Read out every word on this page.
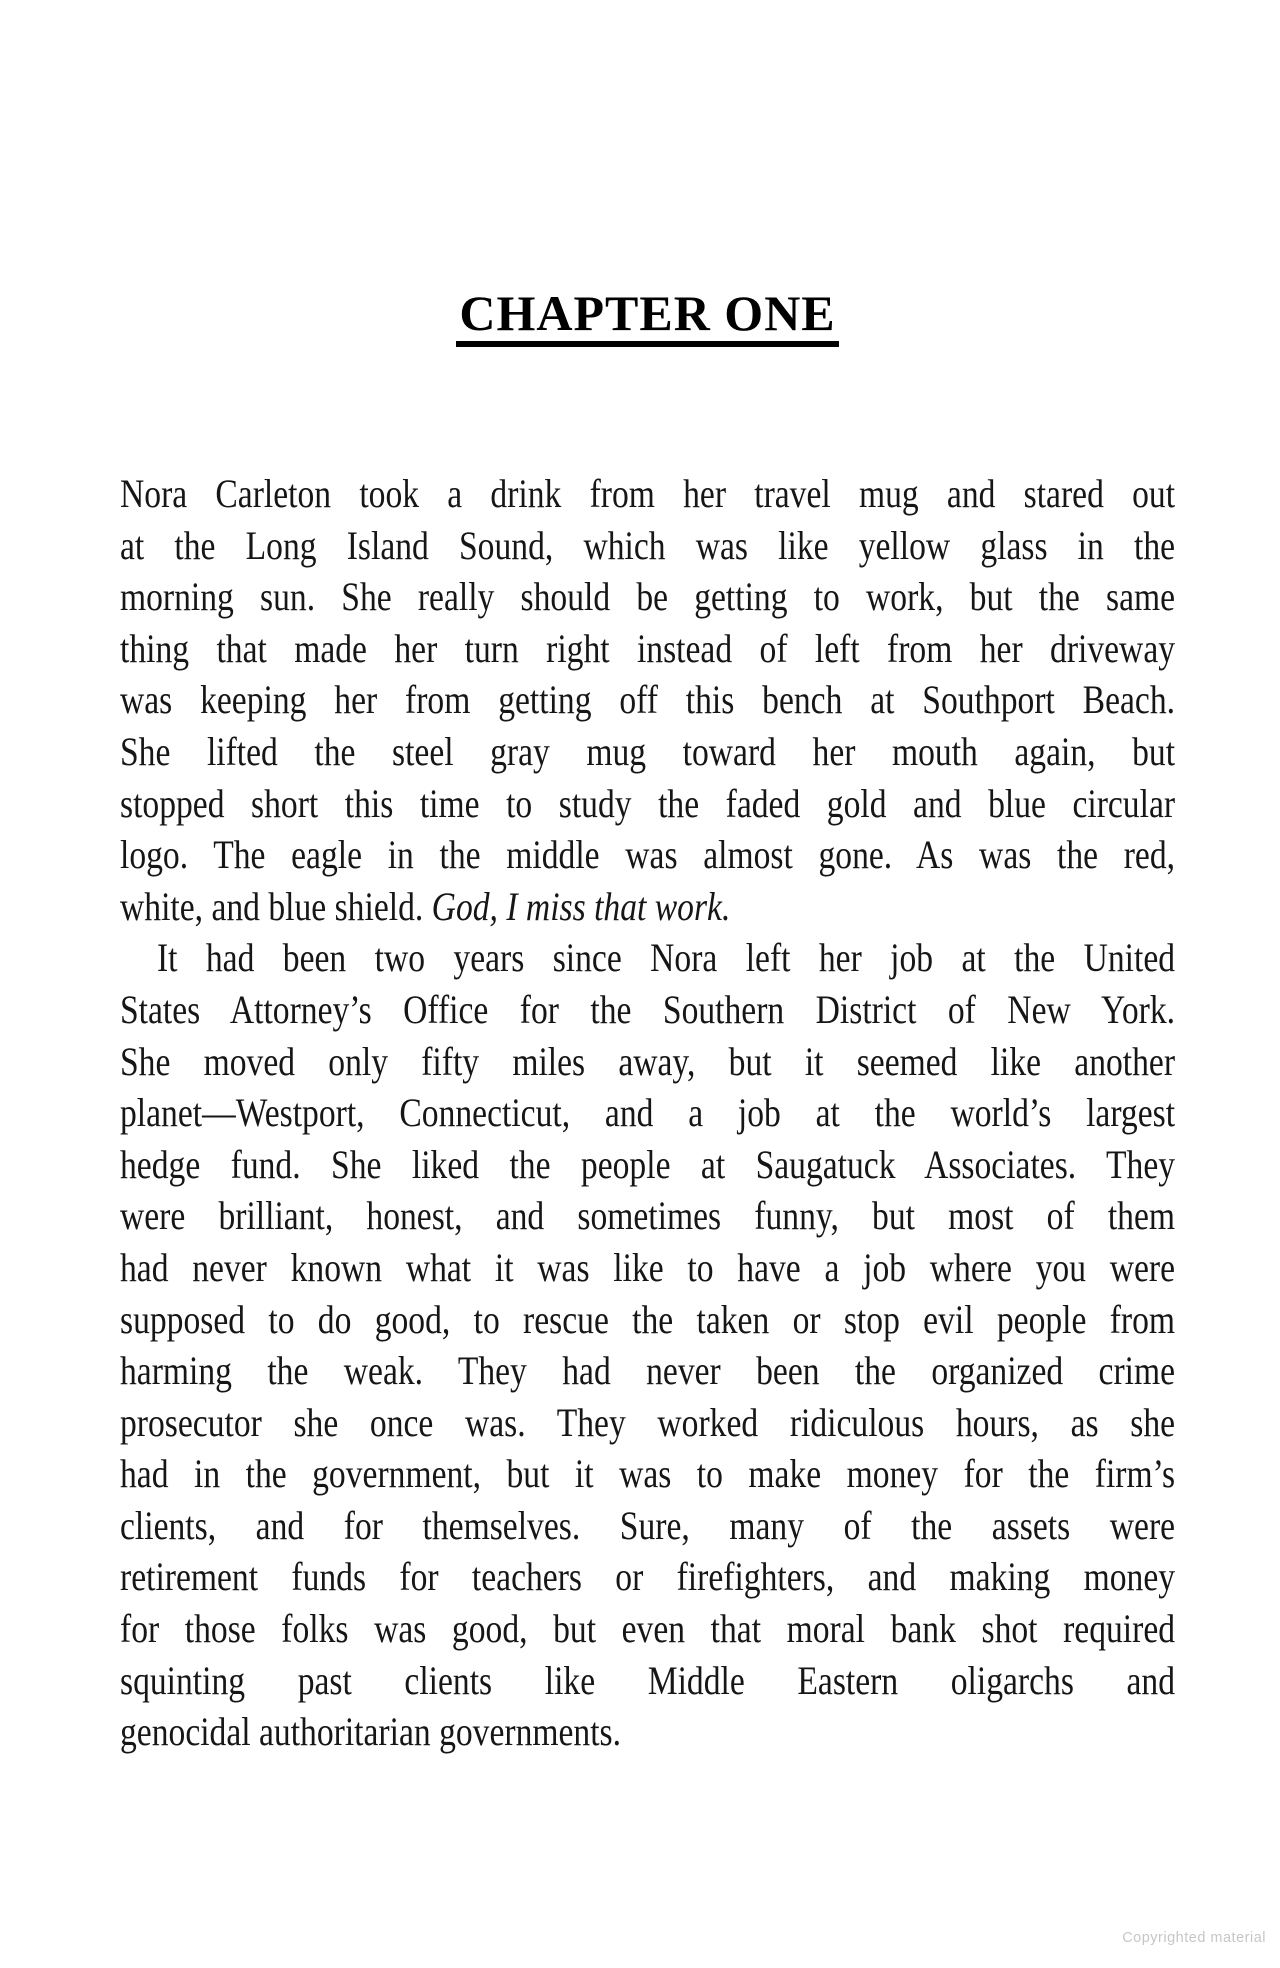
CHAPTER ONE
Nora Carleton took a drink from her travel mug and stared out
at the Long Island Sound, which was like yellow glass in the
morning sun. She really should be getting to work, but the same
thing that made her turn right instead of left from her driveway
was keeping her from getting off this bench at Southport Beach.
She lifted the steel gray mug toward her mouth again, but
stopped short this time to study the faded gold and blue circular
logo. The eagle in the middle was almost gone. As was the red,
white, and blue shield. God, I miss that work.
It had been two years since Nora left her job at the United
States Attorney’s Office for the Southern District of New York.
She moved only fifty miles away, but it seemed like another
planet—Westport, Connecticut, and a job at the world’s largest
hedge fund. She liked the people at Saugatuck Associates. They
were brilliant, honest, and sometimes funny, but most of them
had never known what it was like to have a job where you were
supposed to do good, to rescue the taken or stop evil people from
harming the weak. They had never been the organized crime
prosecutor she once was. They worked ridiculous hours, as she
had in the government, but it was to make money for the firm’s
clients, and for themselves. Sure, many of the assets were
retirement funds for teachers or firefighters, and making money
for those folks was good, but even that moral bank shot required
squinting past clients like Middle Eastern oligarchs and
genocidal authoritarian governments.
Copyrighted material
